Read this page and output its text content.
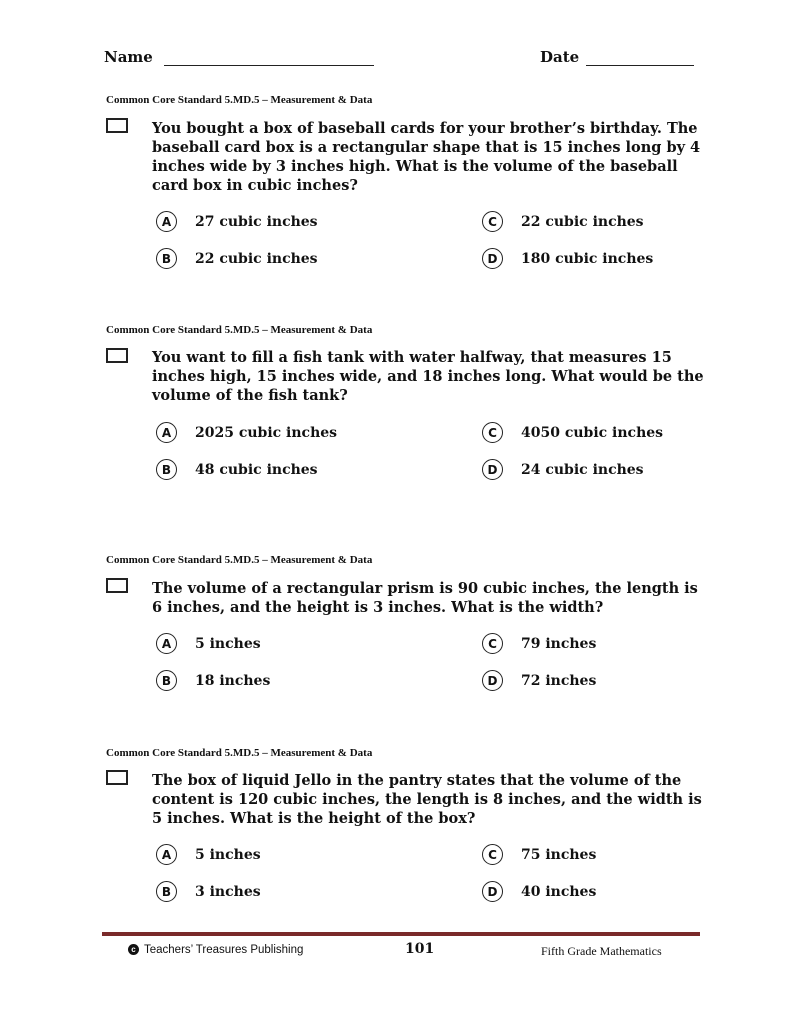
Name	Date
Common Core Standard 5.MD.5 – Measurement & Data
You bought a box of baseball cards for your brother’s birthday. The baseball card box is a rectangular shape that is 15 inches long by 4 inches wide by 3 inches high. What is the volume of the baseball card box in cubic inches?
A	27 cubic inches
B	22 cubic inches
C	22 cubic inches
D	180 cubic inches
Common Core Standard 5.MD.5 – Measurement & Data
You want to fill a fish tank with water halfway, that measures 15 inches high, 15 inches wide, and 18 inches long. What would be the volume of the fish tank?
A	2025 cubic inches
B	48 cubic inches
C	4050 cubic inches
D	24 cubic inches
Common Core Standard 5.MD.5 – Measurement & Data
The volume of a rectangular prism is 90 cubic inches, the length is 6 inches, and the height is 3 inches. What is the width?
A	5 inches
B	18 inches
C	79 inches
D	72 inches
Common Core Standard 5.MD.5 – Measurement & Data
The box of liquid Jello in the pantry states that the volume of the content is 120 cubic inches, the length is 8 inches, and the width is 5 inches. What is the height of the box?
A	5 inches
B	3 inches
C	75 inches
D	40 inches
c Teachers’ Treasures Publishing	101	Fifth Grade Mathematics
